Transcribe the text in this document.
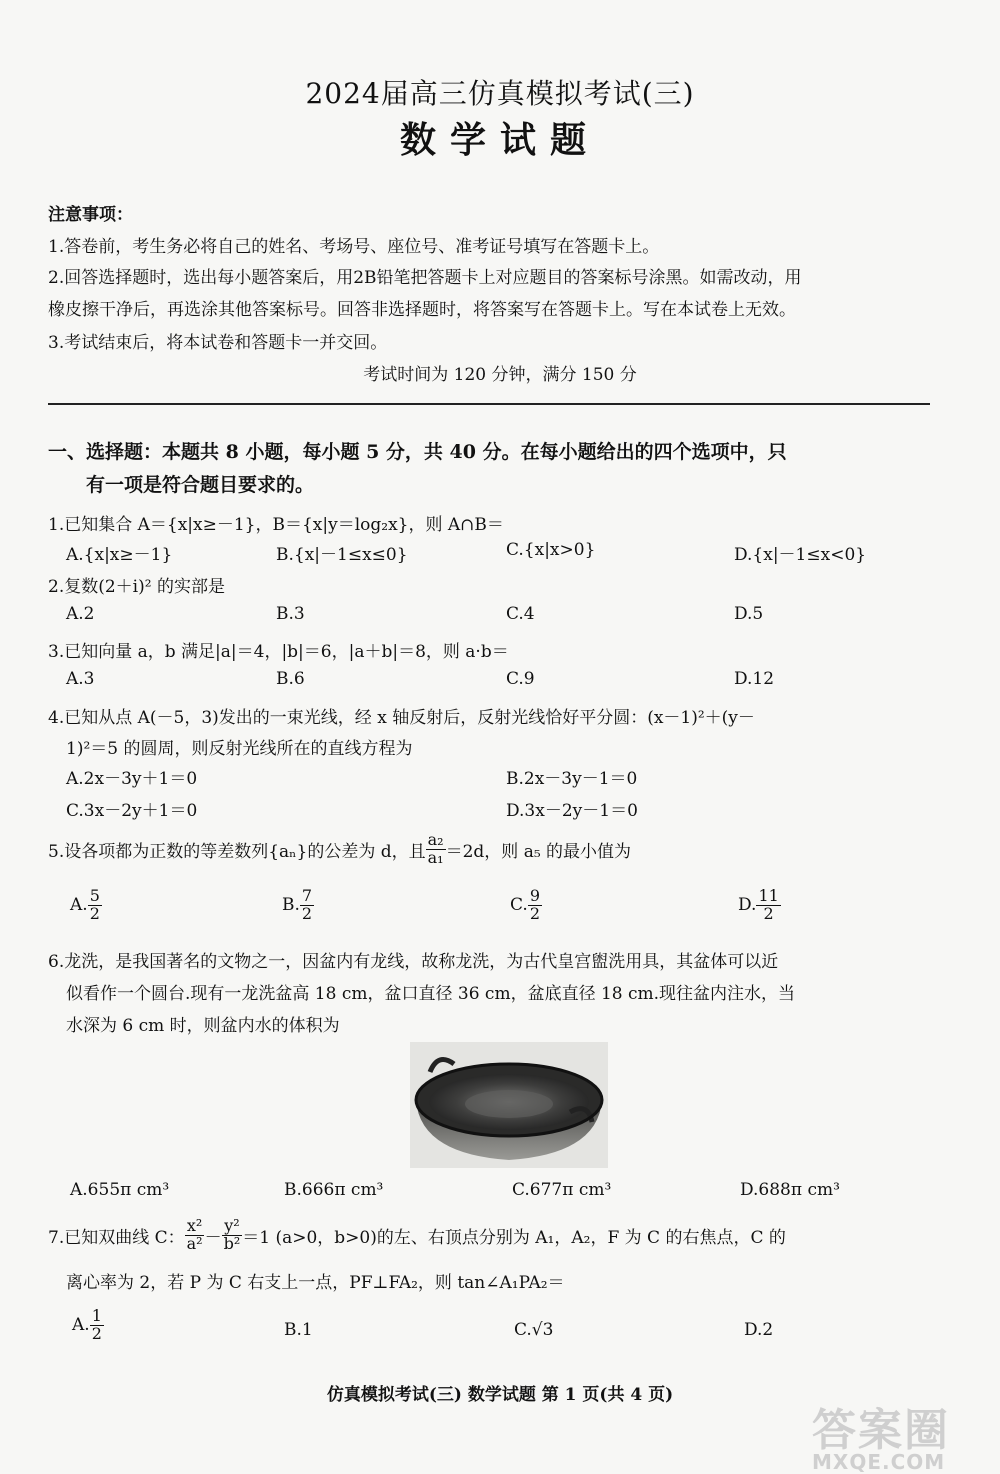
2024届高三仿真模拟考试(三)
数学试题
注意事项：
1.答卷前，考生务必将自己的姓名、考场号、座位号、准考证号填写在答题卡上。
2.回答选择题时，选出每小题答案后，用2B铅笔把答题卡上对应题目的答案标号涂黑。如需改动，用
橡皮擦干净后，再选涂其他答案标号。回答非选择题时，将答案写在答题卡上。写在本试卷上无效。
3.考试结束后，将本试卷和答题卡一并交回。
考试时间为 120 分钟，满分 150 分
一、选择题：本题共 8 小题，每小题 5 分，共 40 分。在每小题给出的四个选项中，只
有一项是符合题目要求的。
1.已知集合 A＝{x|x≥－1}，B＝{x|y＝log₂x}，则 A∩B＝
A.{x|x≥－1}	B.{x|－1≤x≤0}	C.{x|x>0}	D.{x|－1≤x<0}
2.复数(2＋i)² 的实部是
A.2	B.3	C.4	D.5
3.已知向量 a，b 满足|a|＝4，|b|＝6，|a＋b|＝8，则 a·b＝
A.3	B.6	C.9	D.12
4.已知从点 A(－5，3)发出的一束光线，经 x 轴反射后，反射光线恰好平分圆：(x－1)²＋(y－
1)²＝5 的圆周，则反射光线所在的直线方程为
A.2x－3y＋1＝0	B.2x－3y－1＝0
C.3x－2y＋1＝0	D.3x－2y－1＝0
5.设各项都为正数的等差数列{aₙ}的公差为 d，且 $\frac{\text{a₂}}{\text{a₁}} =2d$，则 a₅ 的最小值为
A. $\frac{5}{2}$	B. $\frac{7}{2}$	C. $\frac{9}{2}$	D. $\frac{11}{2}$
6.龙洗，是我国著名的文物之一，因盆内有龙线，故称龙洗，为古代皇宫盥洗用具，其盆体可以近
似看作一个圆台.现有一龙洗盆高 18 cm，盆口直径 36 cm，盆底直径 18 cm.现往盆内注水，当
水深为 6 cm 时，则盆内水的体积为
A.655π cm³	B.666π cm³	C.677π cm³	D.688π cm³
7.已知双曲线 C： $\frac{\text{x²}}{\text{a²}} - \frac{\text{y²}}{\text{b²}} =1$ (a>0，b>0)的左、右顶点分别为 A₁，A₂，F 为 C 的右焦点，C 的
离心率为 2，若 P 为 C 右支上一点，PF⊥FA₂，则 tan∠A₁PA₂＝
A. $\frac{1}{2}$	B.1	C.√3	D.2
仿真模拟考试(三) 数学试题 第 1 页(共 4 页)
答案圈
MXQE.COM
